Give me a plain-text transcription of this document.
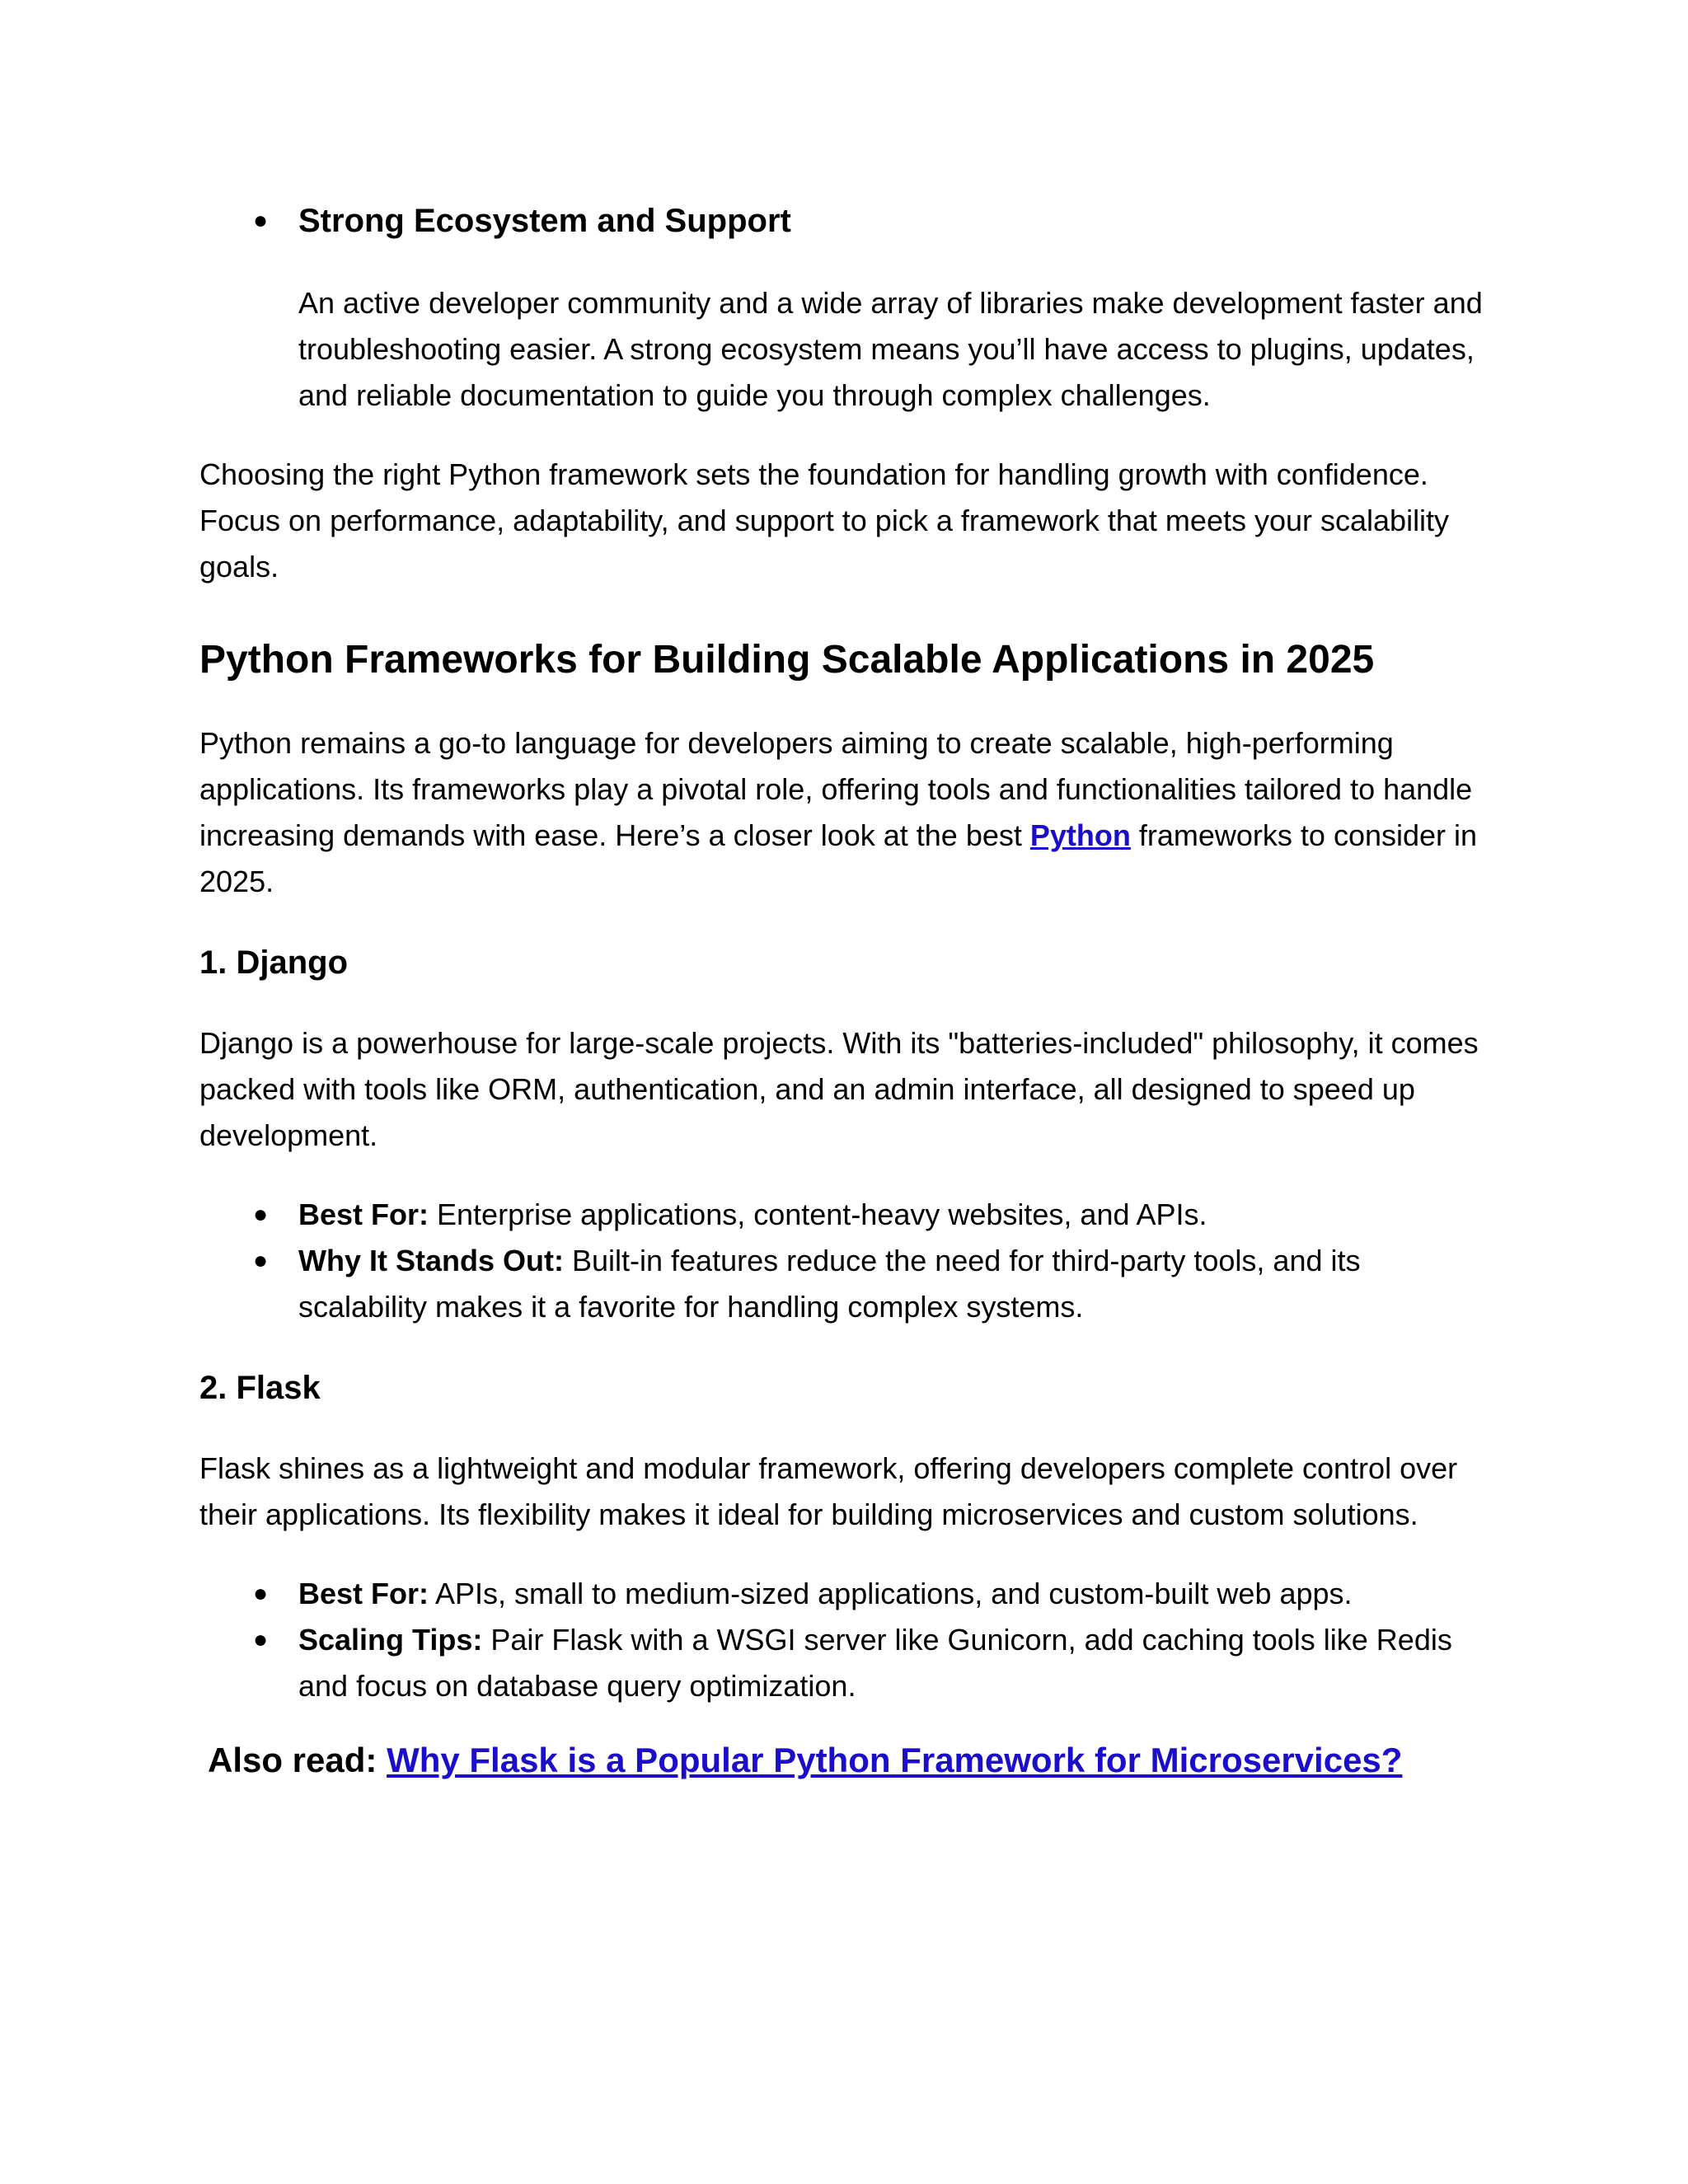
● Strong Ecosystem and Support

An active developer community and a wide array of libraries make development faster and troubleshooting easier. A strong ecosystem means you’ll have access to plugins, updates, and reliable documentation to guide you through complex challenges.

Choosing the right Python framework sets the foundation for handling growth with confidence. Focus on performance, adaptability, and support to pick a framework that meets your scalability goals.

Python Frameworks for Building Scalable Applications in 2025

Python remains a go-to language for developers aiming to create scalable, high-performing applications. Its frameworks play a pivotal role, offering tools and functionalities tailored to handle increasing demands with ease. Here’s a closer look at the best Python frameworks to consider in 2025.

1. Django

Django is a powerhouse for large-scale projects. With its "batteries-included" philosophy, it comes packed with tools like ORM, authentication, and an admin interface, all designed to speed up development.

● Best For: Enterprise applications, content-heavy websites, and APIs.

● Why It Stands Out: Built-in features reduce the need for third-party tools, and its scalability makes it a favorite for handling complex systems.

2. Flask

Flask shines as a lightweight and modular framework, offering developers complete control over their applications. Its flexibility makes it ideal for building microservices and custom solutions.

● Best For: APIs, small to medium-sized applications, and custom-built web apps.

● Scaling Tips: Pair Flask with a WSGI server like Gunicorn, add caching tools like Redis and focus on database query optimization.

Also read: Why Flask is a Popular Python Framework for Microservices?
